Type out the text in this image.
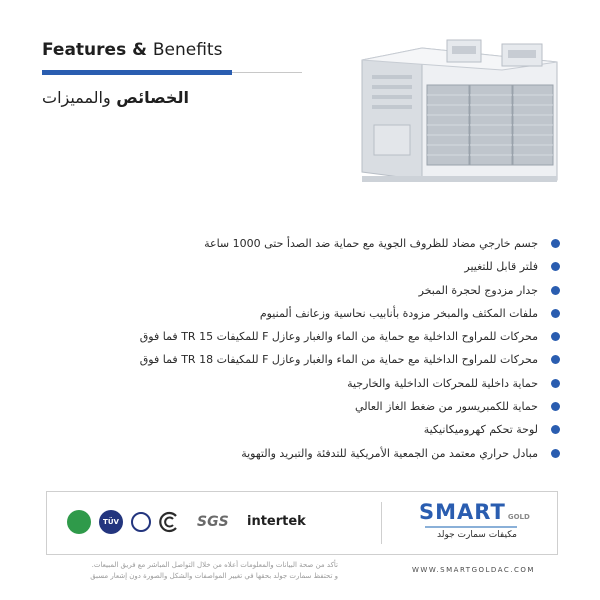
Features & Benefits
الخصائص والمميزات
جسم خارجي مضاد للظروف الجوية مع حماية ضد الصدأ حتى 1000 ساعة
فلتر قابل للتغيير
جدار مزدوج لحجرة المبخر
ملفات المكثف والمبخر مزودة بأنابيب نحاسية وزعانف ألمنيوم
محركات للمراوح الداخلية مع حماية من الماء والغبار وعازل F للمكيفات 15 TR فما فوق
محركات للمراوح الداخلية مع حماية من الماء والغبار وعازل F للمكيفات 18 TR فما فوق
حماية داخلية للمحركات الداخلية والخارجية
حماية للكمبريسور من ضغط الغاز العالي
لوحة تحكم كهروميكانيكية
مبادل حراري معتمد من الجمعية الأمريكية للتدفئة والتبريد والتهوية
TÜV	SGS intertek	SMART GOLD
مكيفات سمارت جولد
تأكد من صحة البيانات والمعلومات أعلاه من خلال التواصل المباشر مع فريق المبيعات.
و تحتفظ سمارت جولد بحقها في تغيير المواصفات والشكل والصورة دون إشعار مسبق
WWW.SMARTGOLDAC.COM
